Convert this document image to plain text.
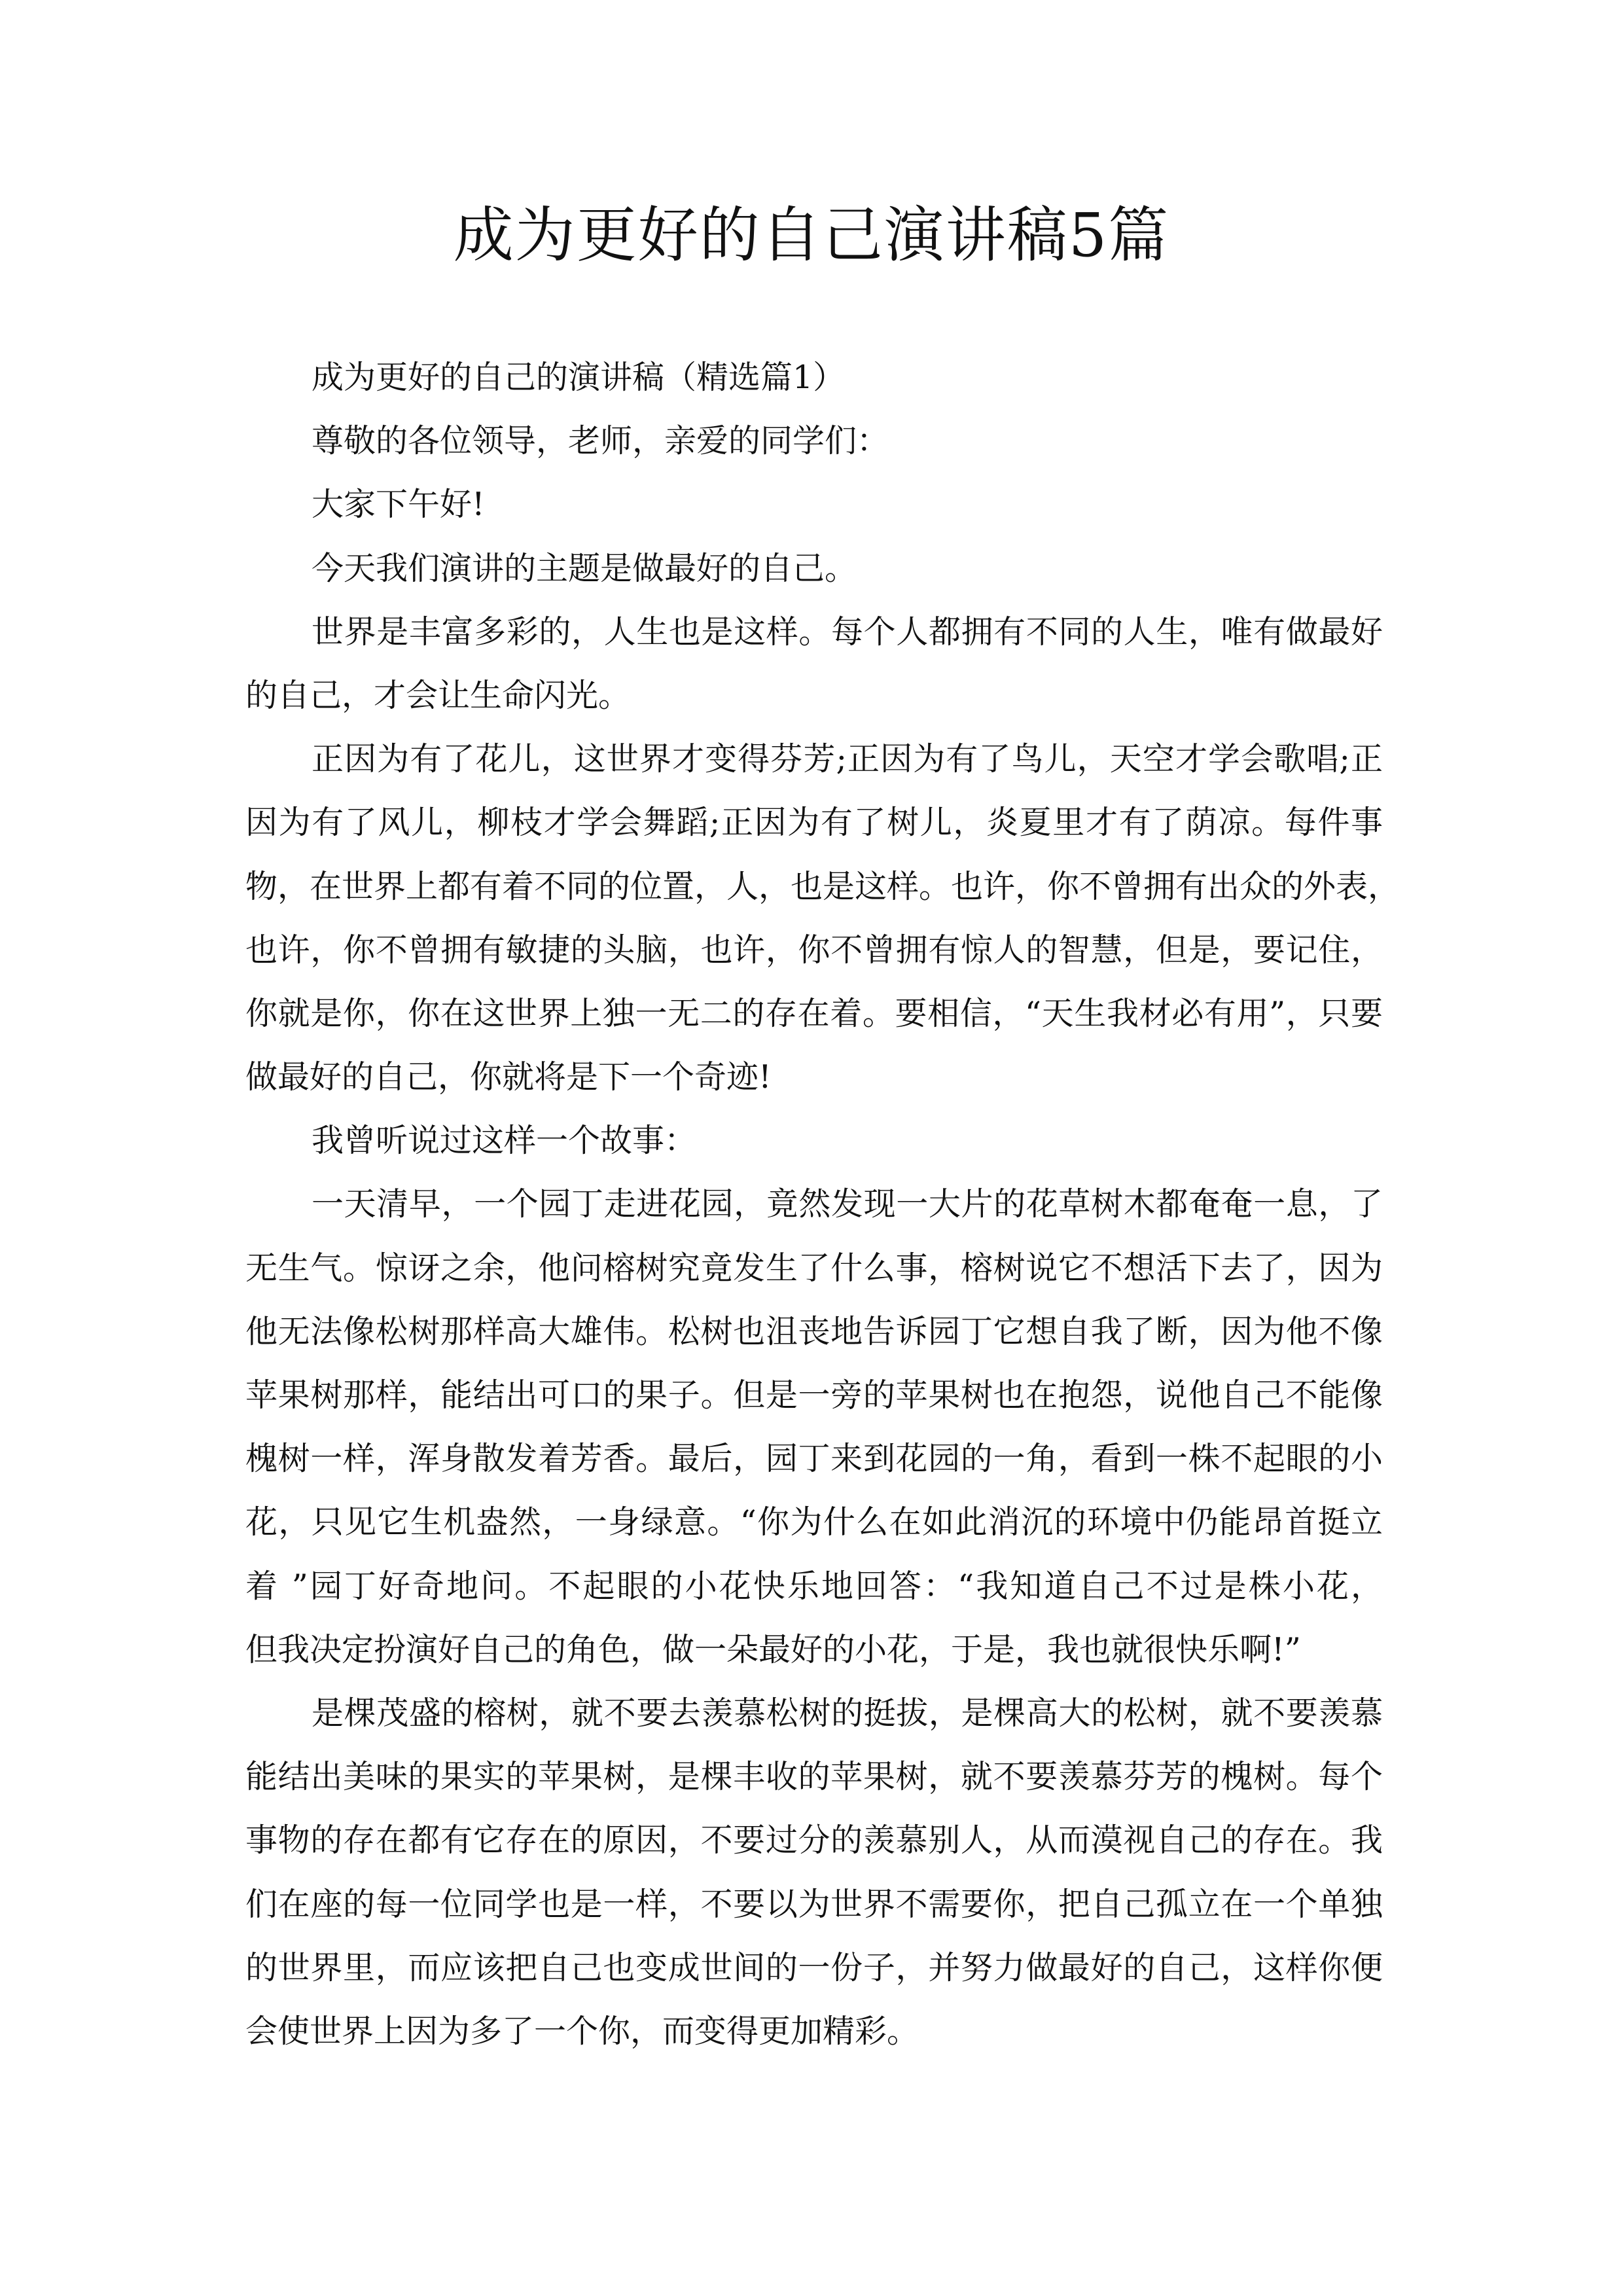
成为更好的自己演讲稿5篇
成为更好的自己的演讲稿（精选篇1）
尊敬的各位领导，老师，亲爱的同学们：
大家下午好!
今天我们演讲的主题是做最好的自己。
世界是丰富多彩的，人生也是这样。每个人都拥有不同的人生，唯有做最好
的自己，才会让生命闪光。
正因为有了花儿，这世界才变得芬芳;正因为有了鸟儿，天空才学会歌唱;正
因为有了风儿，柳枝才学会舞蹈;正因为有了树儿，炎夏里才有了荫凉。每件事
物，在世界上都有着不同的位置，人，也是这样。也许，你不曾拥有出众的外表，
也许，你不曾拥有敏捷的头脑，也许，你不曾拥有惊人的智慧，但是，要记住，
你就是你，你在这世界上独一无二的存在着。要相信，“天生我材必有用”，只要
做最好的自己，你就将是下一个奇迹!
我曾听说过这样一个故事：
一天清早，一个园丁走进花园，竟然发现一大片的花草树木都奄奄一息，了
无生气。惊讶之余，他问榕树究竟发生了什么事，榕树说它不想活下去了，因为
他无法像松树那样高大雄伟。松树也沮丧地告诉园丁它想自我了断，因为他不像
苹果树那样，能结出可口的果子。但是一旁的苹果树也在抱怨，说他自己不能像
槐树一样，浑身散发着芳香。最后，园丁来到花园的一角，看到一株不起眼的小
花，只见它生机盎然，一身绿意。“你为什么在如此消沉的环境中仍能昂首挺立
着 ”园丁好奇地问。不起眼的小花快乐地回答：“我知道自己不过是株小花，
但我决定扮演好自己的角色，做一朵最好的小花，于是，我也就很快乐啊!”
是棵茂盛的榕树，就不要去羡慕松树的挺拔，是棵高大的松树，就不要羡慕
能结出美味的果实的苹果树，是棵丰收的苹果树，就不要羡慕芬芳的槐树。每个
事物的存在都有它存在的原因，不要过分的羡慕别人，从而漠视自己的存在。我
们在座的每一位同学也是一样，不要以为世界不需要你，把自己孤立在一个单独
的世界里，而应该把自己也变成世间的一份子，并努力做最好的自己，这样你便
会使世界上因为多了一个你，而变得更加精彩。
